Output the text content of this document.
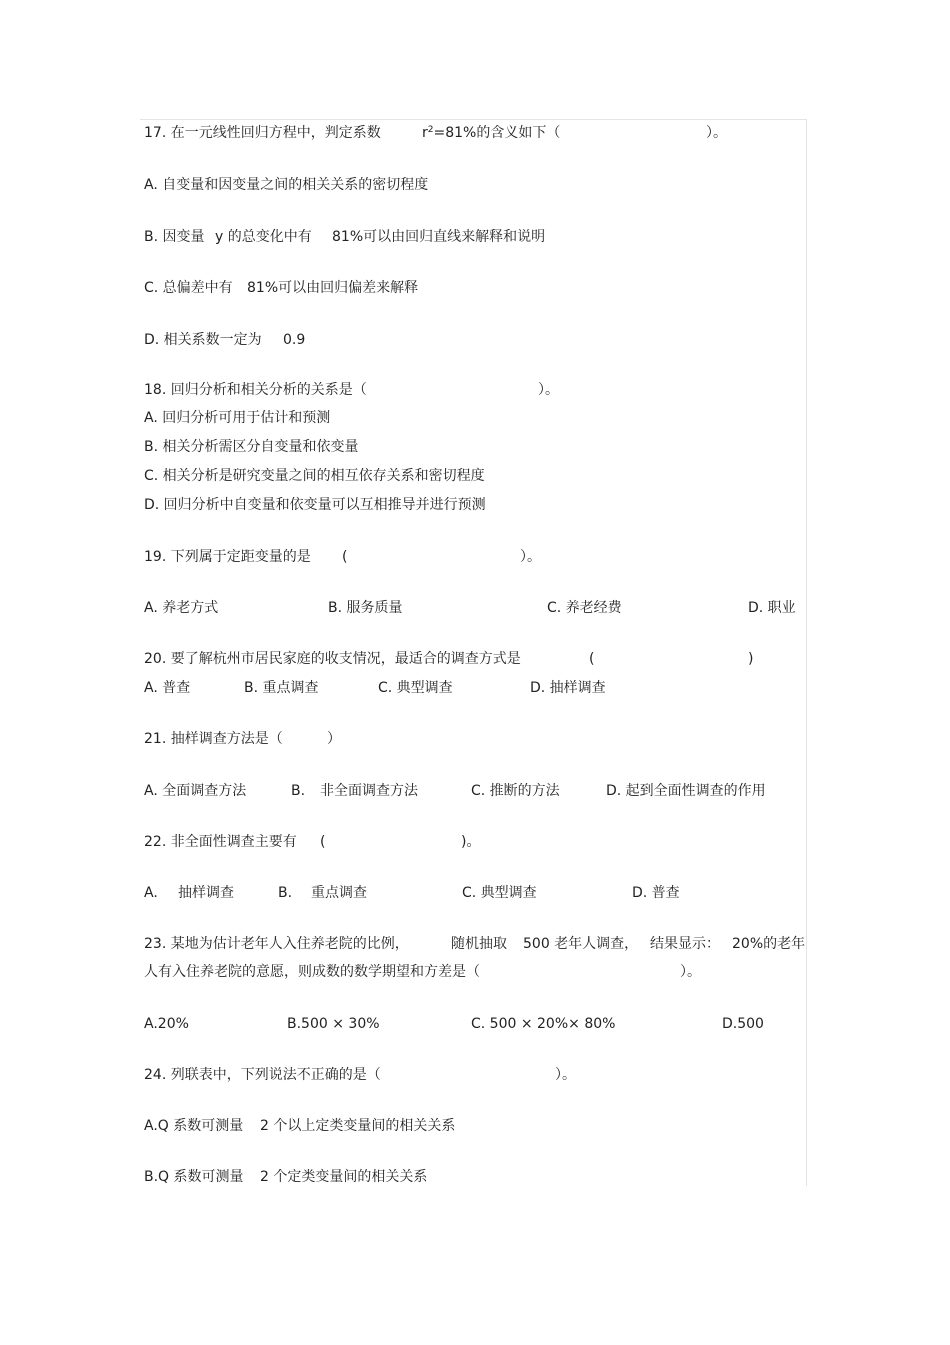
17. 在一元线性回归方程中，判定系数	$r^2=81\%$的含义如下（	）。
A. 自变量和因变量之间的相关关系的密切程度
B. 因变量 y 的总变化中有 81%可以由回归直线来解释和说明
C. 总偏差中有 81%可以由回归偏差来解释
D. 相关系数一定为 0.9
18. 回归分析和相关分析的关系是（	）。
A. 回归分析可用于估计和预测
B. 相关分析需区分自变量和依变量
C. 相关分析是研究变量之间的相互依存关系和密切程度
D. 回归分析中自变量和依变量可以互相推导并进行预测
19. 下列属于定距变量的是 (	）。
A. 养老方式	B. 服务质量	C. 养老经费	D. 职业
20. 要了解杭州市居民家庭的收支情况，最适合的调查方式是	(	)
A. 普查	B. 重点调查	C. 典型调查	D. 抽样调查
21. 抽样调查方法是（	）
A. 全面调查方法	B. 非全面调查方法	C. 推断的方法	D. 起到全面性调查的作用
22. 非全面性调查主要有 (	)。
A. 抽样调查	B. 重点调查	C. 典型调查	D. 普查
23. 某地为估计老年人入住养老院的比例，	随机抽取 500 老年人调查， 结果显示： 20%的老年
人有入住养老院的意愿，则成数的数学期望和方差是（	）。
A.20%	B.500 × 30%	C. 500 × 20%× 80%	D.500
24. 列联表中，下列说法不正确的是（	）。
A.Q 系数可测量 2 个以上定类变量间的相关关系
B.Q 系数可测量 2 个定类变量间的相关关系
